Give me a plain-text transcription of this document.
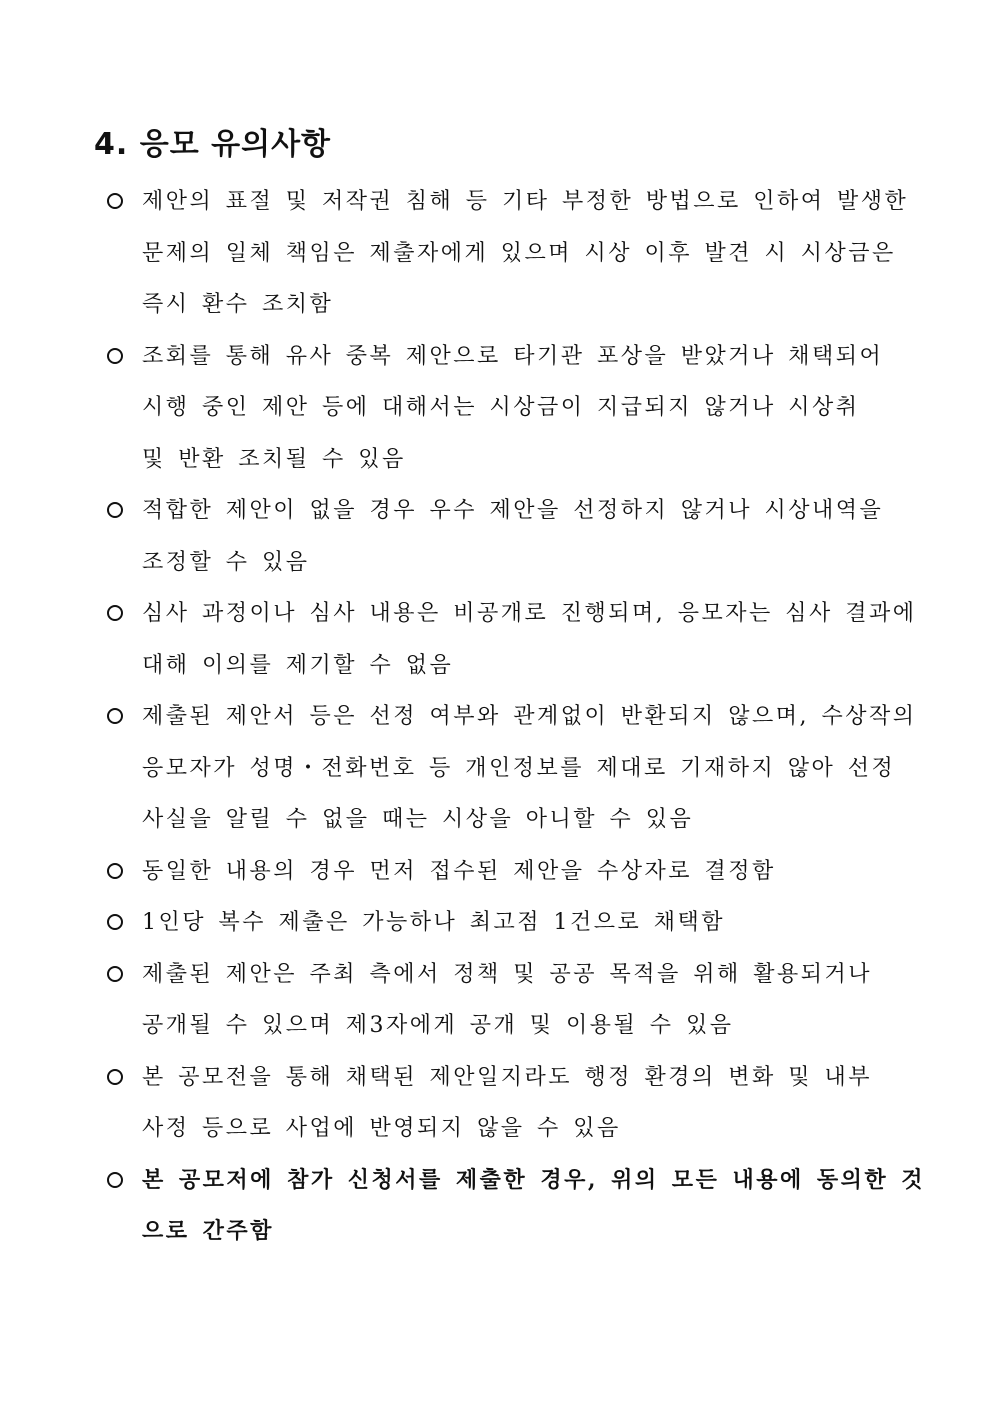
4. 응모 유의사항
제안의 표절 및 저작권 침해 등 기타 부정한 방법으로 인하여 발생한
문제의 일체 책임은 제출자에게 있으며 시상 이후 발견 시 시상금은
즉시 환수 조치함
조회를 통해 유사 중복 제안으로 타기관 포상을 받았거나 채택되어
시행 중인 제안 등에 대해서는 시상금이 지급되지 않거나 시상취
및 반환 조치될 수 있음
적합한 제안이 없을 경우 우수 제안을 선정하지 않거나 시상내역을
조정할 수 있음
심사 과정이나 심사 내용은 비공개로 진행되며, 응모자는 심사 결과에
대해 이의를 제기할 수 없음
제출된 제안서 등은 선정 여부와 관계없이 반환되지 않으며, 수상작의
응모자가 성명・전화번호 등 개인정보를 제대로 기재하지 않아 선정
사실을 알릴 수 없을 때는 시상을 아니할 수 있음
동일한 내용의 경우 먼저 접수된 제안을 수상자로 결정함
1인당 복수 제출은 가능하나 최고점 1건으로 채택함
제출된 제안은 주최 측에서 정책 및 공공 목적을 위해 활용되거나
공개될 수 있으며 제3자에게 공개 및 이용될 수 있음
본 공모전을 통해 채택된 제안일지라도 행정 환경의 변화 및 내부
사정 등으로 사업에 반영되지 않을 수 있음
본 공모저에 참가 신청서를 제출한 경우, 위의 모든 내용에 동의한 것
으로 간주함
